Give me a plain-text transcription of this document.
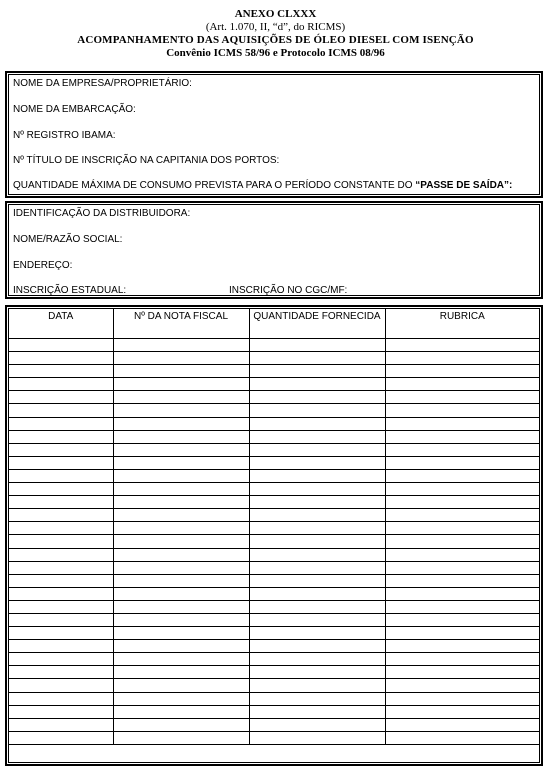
ANEXO CLXXX
(Art. 1.070, II, “d”, do RICMS)
ACOMPANHAMENTO DAS AQUISIÇÕES DE ÓLEO DIESEL COM ISENÇÃO
Convênio ICMS 58/96 e Protocolo ICMS 08/96
NOME DA EMPRESA/PROPRIETÁRIO:
NOME DA EMBARCAÇÃO:
Nº REGISTRO IBAMA:
Nº TÍTULO DE INSCRIÇÃO NA CAPITANIA DOS PORTOS:
QUANTIDADE MÁXIMA DE CONSUMO PREVISTA PARA O PERÍODO CONSTANTE DO “PASSE DE SAÍDA”:
IDENTIFICAÇÃO DA DISTRIBUIDORA:
NOME/RAZÃO SOCIAL:
ENDEREÇO:
INSCRIÇÃO ESTADUAL:	INSCRIÇÃO NO CGC/MF:
DATA	Nº DA NOTA FISCAL	QUANTIDADE FORNECIDA	RUBRICA
